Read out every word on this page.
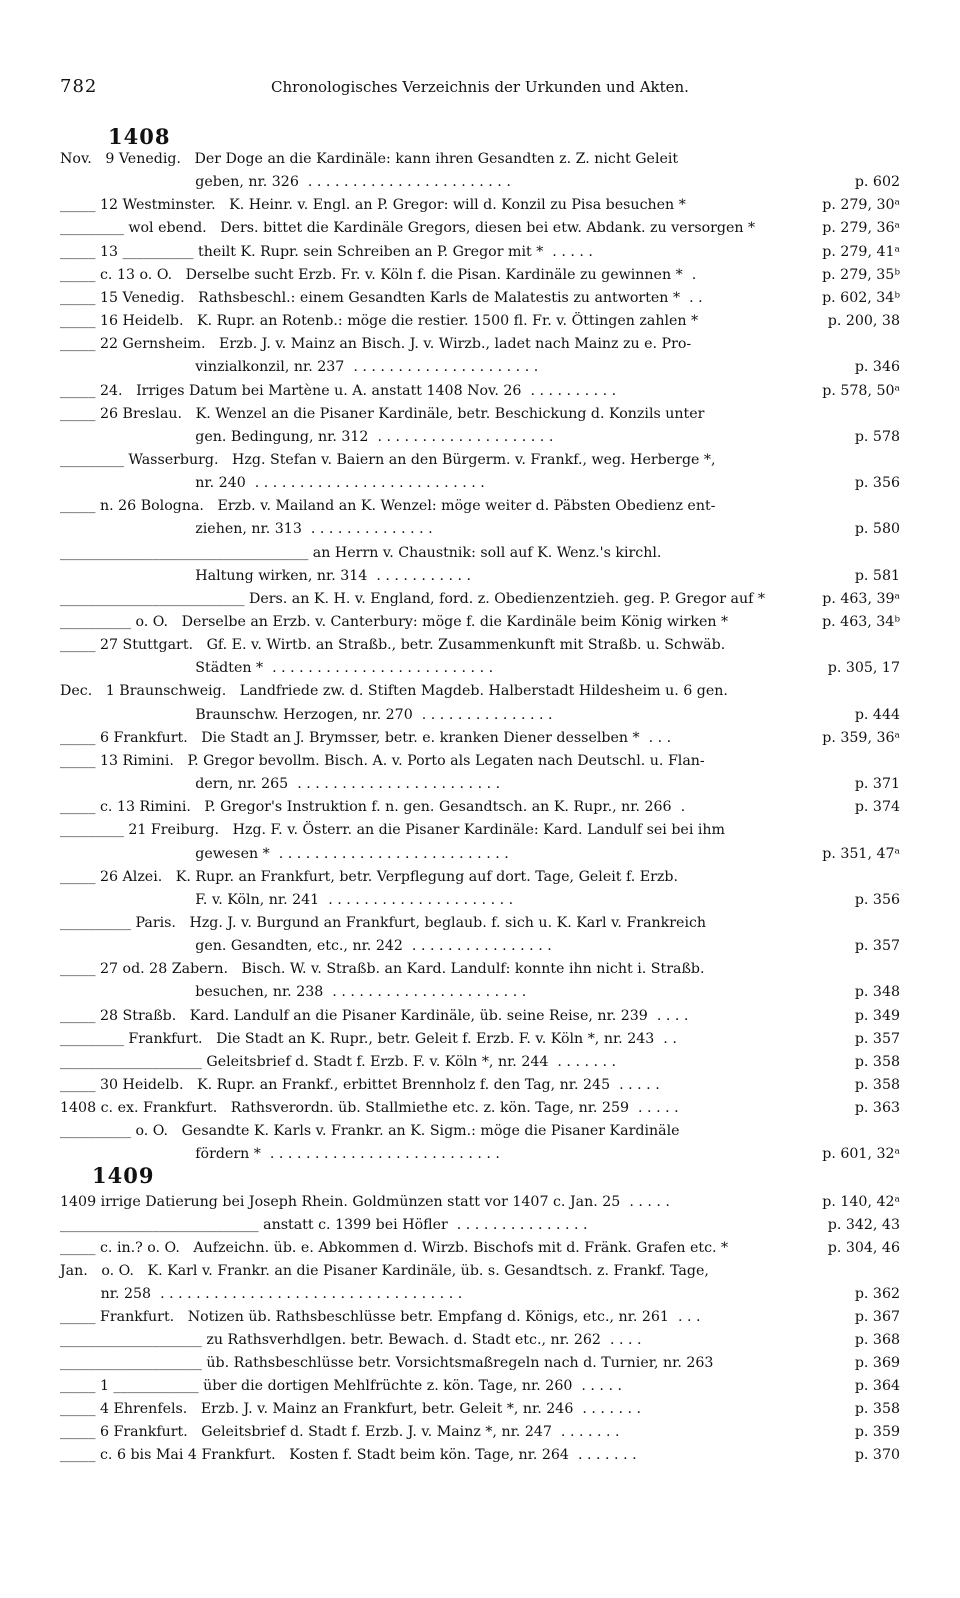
782	Chronologisches Verzeichnis der Urkunden und Akten.
1408
1409
Nov.   9 Venedig.   Der Doge an die Kardinäle: kann ihren Gesandten z. Z. nicht Geleit
geben, nr. 326  . . . . . . . . . . . . . . . . . . . . . . .	p. 602
_____ 12 Westminster.   K. Heinr. v. Engl. an P. Gregor: will d. Konzil zu Pisa besuchen *	p. 279, 30ᵃ
_________ wol ebend.   Ders. bittet die Kardinäle Gregors, diesen bei etw. Abdank. zu versorgen *	p. 279, 36ᵃ
_____ 13 __________ theilt K. Rupr. sein Schreiben an P. Gregor mit *  . . . . .	p. 279, 41ᵃ
_____ c. 13 o. O.   Derselbe sucht Erzb. Fr. v. Köln f. die Pisan. Kardinäle zu gewinnen *  .	p. 279, 35ᵇ
_____ 15 Venedig.   Rathsbeschl.: einem Gesandten Karls de Malatestis zu antworten *  . .	p. 602, 34ᵇ
_____ 16 Heidelb.   K. Rupr. an Rotenb.: möge die restier. 1500 fl. Fr. v. Öttingen zahlen *	p. 200, 38
_____ 22 Gernsheim.   Erzb. J. v. Mainz an Bisch. J. v. Wirzb., ladet nach Mainz zu e. Pro-
vinzialkonzil, nr. 237  . . . . . . . . . . . . . . . . . . . . .	p. 346
_____ 24.   Irriges Datum bei Martène u. A. anstatt 1408 Nov. 26  . . . . . . . . . .	p. 578, 50ᵃ
_____ 26 Breslau.   K. Wenzel an die Pisaner Kardinäle, betr. Beschickung d. Konzils unter
gen. Bedingung, nr. 312  . . . . . . . . . . . . . . . . . . . .	p. 578
_________ Wasserburg.   Hzg. Stefan v. Baiern an den Bürgerm. v. Frankf., weg. Herberge *,
nr. 240  . . . . . . . . . . . . . . . . . . . . . . . . . .	p. 356
_____ n. 26 Bologna.   Erzb. v. Mailand an K. Wenzel: möge weiter d. Päbsten Obedienz ent-
ziehen, nr. 313  . . . . . . . . . . . . . .	p. 580
___________________________________ an Herrn v. Chaustnik: soll auf K. Wenz.'s kirchl.
Haltung wirken, nr. 314  . . . . . . . . . . .	p. 581
__________________________ Ders. an K. H. v. England, ford. z. Obedienzentzieh. geg. P. Gregor auf *	p. 463, 39ᵃ
__________ o. O.   Derselbe an Erzb. v. Canterbury: möge f. die Kardinäle beim König wirken *	p. 463, 34ᵇ
_____ 27 Stuttgart.   Gf. E. v. Wirtb. an Straßb., betr. Zusammenkunft mit Straßb. u. Schwäb.
Städten *  . . . . . . . . . . . . . . . . . . . . . . . . .	p. 305, 17
Dec.   1 Braunschweig.   Landfriede zw. d. Stiften Magdeb. Halberstadt Hildesheim u. 6 gen.
Braunschw. Herzogen, nr. 270  . . . . . . . . . . . . . . .	p. 444
_____ 6 Frankfurt.   Die Stadt an J. Brymsser, betr. e. kranken Diener desselben *  . . .	p. 359, 36ᵃ
_____ 13 Rimini.   P. Gregor bevollm. Bisch. A. v. Porto als Legaten nach Deutschl. u. Flan-
dern, nr. 265  . . . . . . . . . . . . . . . . . . . . . . .	p. 371
_____ c. 13 Rimini.   P. Gregor's Instruktion f. n. gen. Gesandtsch. an K. Rupr., nr. 266  .	p. 374
_________ 21 Freiburg.   Hzg. F. v. Österr. an die Pisaner Kardinäle: Kard. Landulf sei bei ihm
gewesen *  . . . . . . . . . . . . . . . . . . . . . . . . . .	p. 351, 47ᵃ
_____ 26 Alzei.   K. Rupr. an Frankfurt, betr. Verpflegung auf dort. Tage, Geleit f. Erzb.
F. v. Köln, nr. 241  . . . . . . . . . . . . . . . . . . . . .	p. 356
__________ Paris.   Hzg. J. v. Burgund an Frankfurt, beglaub. f. sich u. K. Karl v. Frankreich
gen. Gesandten, etc., nr. 242  . . . . . . . . . . . . . . . .	p. 357
_____ 27 od. 28 Zabern.   Bisch. W. v. Straßb. an Kard. Landulf: konnte ihn nicht i. Straßb.
besuchen, nr. 238  . . . . . . . . . . . . . . . . . . . . . .	p. 348
_____ 28 Straßb.   Kard. Landulf an die Pisaner Kardinäle, üb. seine Reise, nr. 239  . . . .	p. 349
_________ Frankfurt.   Die Stadt an K. Rupr., betr. Geleit f. Erzb. F. v. Köln *, nr. 243  . .	p. 357
____________________ Geleitsbrief d. Stadt f. Erzb. F. v. Köln *, nr. 244  . . . . . . .	p. 358
_____ 30 Heidelb.   K. Rupr. an Frankf., erbittet Brennholz f. den Tag, nr. 245  . . . . .	p. 358
1408 c. ex. Frankfurt.   Rathsverordn. üb. Stallmiethe etc. z. kön. Tage, nr. 259  . . . . .	p. 363
__________ o. O.   Gesandte K. Karls v. Frankr. an K. Sigm.: möge die Pisaner Kardinäle
fördern *  . . . . . . . . . . . . . . . . . . . . . . . . . .	p. 601, 32ᵃ
1409 irrige Datierung bei Joseph Rhein. Goldmünzen statt vor 1407 c. Jan. 25  . . . . .	p. 140, 42ᵃ
____________________________ anstatt c. 1399 bei Höfler  . . . . . . . . . . . . . . .	p. 342, 43
_____ c. in.? o. O.   Aufzeichn. üb. e. Abkommen d. Wirzb. Bischofs mit d. Fränk. Grafen etc. *	p. 304, 46
Jan.   o. O.   K. Karl v. Frankr. an die Pisaner Kardinäle, üb. s. Gesandtsch. z. Frankf. Tage,
nr. 258  . . . . . . . . . . . . . . . . . . . . . . . . . . . . . . . . . .	p. 362
_____ Frankfurt.   Notizen üb. Rathsbeschlüsse betr. Empfang d. Königs, etc., nr. 261  . . .	p. 367
____________________ zu Rathsverhdlgen. betr. Bewach. d. Stadt etc., nr. 262  . . . .	p. 368
____________________ üb. Rathsbeschlüsse betr. Vorsichtsmaßregeln nach d. Turnier, nr. 263	p. 369
_____ 1 ____________ über die dortigen Mehlfrüchte z. kön. Tage, nr. 260  . . . . .	p. 364
_____ 4 Ehrenfels.   Erzb. J. v. Mainz an Frankfurt, betr. Geleit *, nr. 246  . . . . . . .	p. 358
_____ 6 Frankfurt.   Geleitsbrief d. Stadt f. Erzb. J. v. Mainz *, nr. 247  . . . . . . .	p. 359
_____ c. 6 bis Mai 4 Frankfurt.   Kosten f. Stadt beim kön. Tage, nr. 264  . . . . . . .	p. 370
